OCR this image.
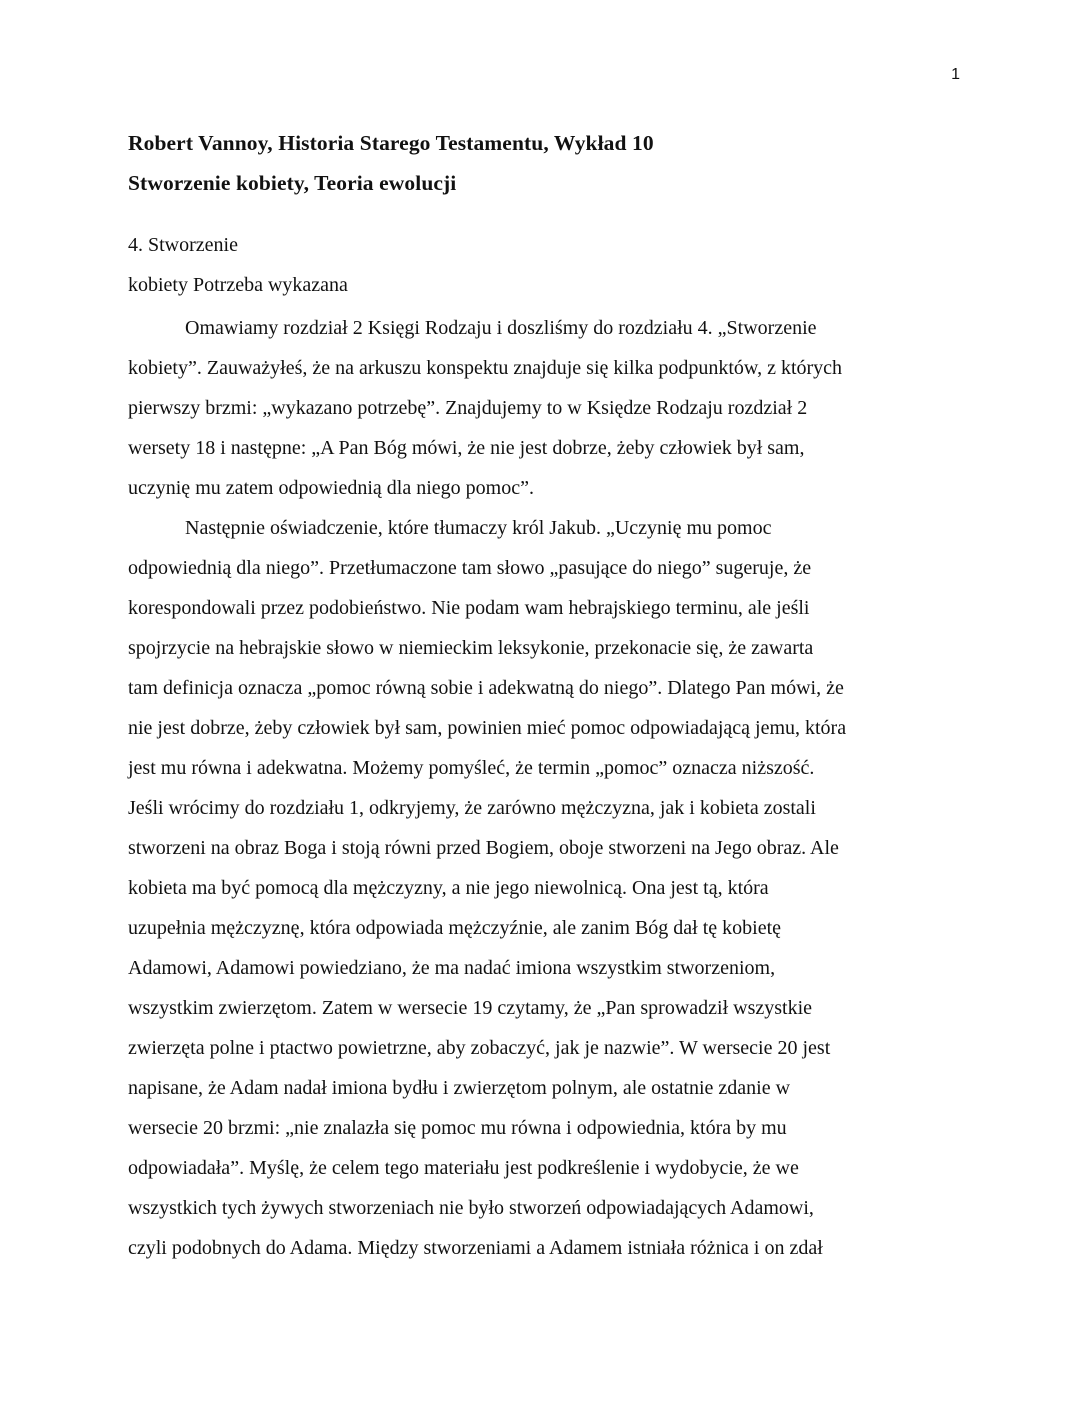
1
Robert Vannoy, Historia Starego Testamentu, Wykład 10
Stworzenie kobiety, Teoria ewolucji
4. Stworzenie
kobiety Potrzeba wykazana
Omawiamy rozdział 2 Księgi Rodzaju i doszliśmy do rozdziału 4. „Stworzenie
kobiety”. Zauważyłeś, że na arkuszu konspektu znajduje się kilka podpunktów, z których
pierwszy brzmi: „wykazano potrzebę”. Znajdujemy to w Księdze Rodzaju rozdział 2
wersety 18 i następne: „A Pan Bóg mówi, że nie jest dobrze, żeby człowiek był sam,
uczynię mu zatem odpowiednią dla niego pomoc”.
Następnie oświadczenie, które tłumaczy król Jakub. „Uczynię mu pomoc
odpowiednią dla niego”. Przetłumaczone tam słowo „pasujące do niego” sugeruje, że
korespondowali przez podobieństwo. Nie podam wam hebrajskiego terminu, ale jeśli
spojrzycie na hebrajskie słowo w niemieckim leksykonie, przekonacie się, że zawarta
tam definicja oznacza „pomoc równą sobie i adekwatną do niego”. Dlatego Pan mówi, że
nie jest dobrze, żeby człowiek był sam, powinien mieć pomoc odpowiadającą jemu, która
jest mu równa i adekwatna. Możemy pomyśleć, że termin „pomoc” oznacza niższość.
Jeśli wrócimy do rozdziału 1, odkryjemy, że zarówno mężczyzna, jak i kobieta zostali
stworzeni na obraz Boga i stoją równi przed Bogiem, oboje stworzeni na Jego obraz. Ale
kobieta ma być pomocą dla mężczyzny, a nie jego niewolnicą. Ona jest tą, która
uzupełnia mężczyznę, która odpowiada mężczyźnie, ale zanim Bóg dał tę kobietę
Adamowi, Adamowi powiedziano, że ma nadać imiona wszystkim stworzeniom,
wszystkim zwierzętom. Zatem w wersecie 19 czytamy, że „Pan sprowadził wszystkie
zwierzęta polne i ptactwo powietrzne, aby zobaczyć, jak je nazwie”. W wersecie 20 jest
napisane, że Adam nadał imiona bydłu i zwierzętom polnym, ale ostatnie zdanie w
wersecie 20 brzmi: „nie znalazła się pomoc mu równa i odpowiednia, która by mu
odpowiadała”. Myślę, że celem tego materiału jest podkreślenie i wydobycie, że we
wszystkich tych żywych stworzeniach nie było stworzeń odpowiadających Adamowi,
czyli podobnych do Adama. Między stworzeniami a Adamem istniała różnica i on zdał
